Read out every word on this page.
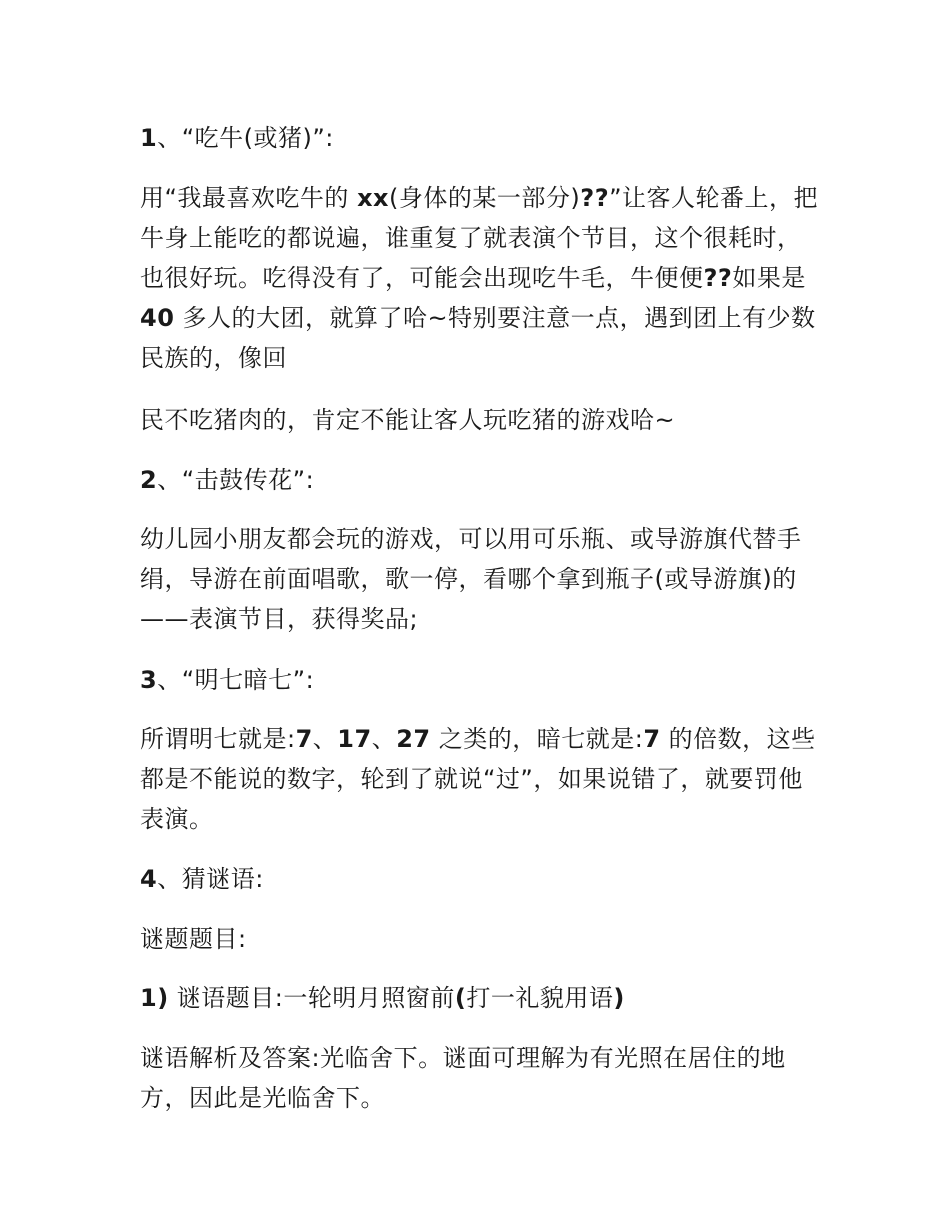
1、“吃牛(或猪)”:

用“我最喜欢吃牛的 xx(身体的某一部分)??”让客人轮番上，把牛身上能吃的都说遍，谁重复了就表演个节目，这个很耗时，也很好玩。吃得没有了，可能会出现吃牛毛，牛便便??如果是 40 多人的大团，就算了哈~特别要注意一点，遇到团上有少数民族的，像回

民不吃猪肉的，肯定不能让客人玩吃猪的游戏哈~

2、“击鼓传花”:

幼儿园小朋友都会玩的游戏，可以用可乐瓶、或导游旗代替手绢，导游在前面唱歌，歌一停，看哪个拿到瓶子(或导游旗)的——表演节目，获得奖品;

3、“明七暗七”:

所谓明七就是:7、17、27 之类的，暗七就是:7 的倍数，这些都是不能说的数字，轮到了就说“过”，如果说错了，就要罚他表演。

4、猜谜语:

谜题题目:

1) 谜语题目:一轮明月照窗前(打一礼貌用语)

谜语解析及答案:光临舍下。谜面可理解为有光照在居住的地方，因此是光临舍下。
